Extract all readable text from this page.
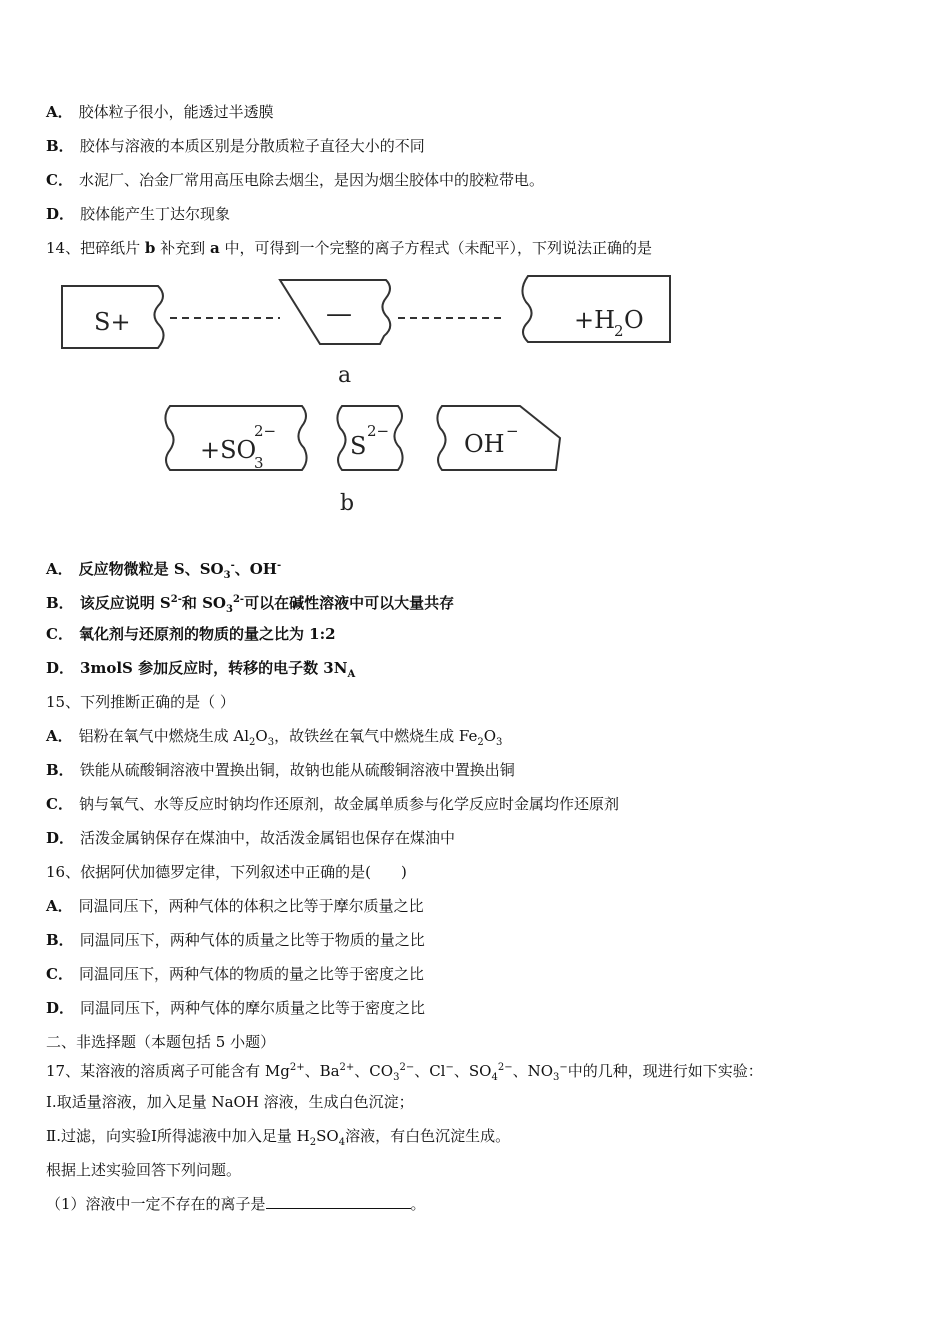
A． 胶体粒子很小，能透过半透膜
B． 胶体与溶液的本质区别是分散质粒子直径大小的不同
C． 水泥厂、冶金厂常用高压电除去烟尘，是因为烟尘胶体中的胶粒带电。
D． 胶体能产生丁达尔现象
14、把碎纸片 b 补充到 a 中，可得到一个完整的离子方程式（未配平），下列说法正确的是
S+	—	+H
2 O
a
+SO
3
2−
S
2−	OH −
b
A． 反应物微粒是 S、$SO_3^-$、OH-
B． 该反应说明 $S^{2-}$和 $SO_3^{2-}$可以在碱性溶液中可以大量共存
C． 氧化剂与还原剂的物质的量之比为 1:2
D． 3molS 参加反应时，转移的电子数 $3N_A$
15、下列推断正确的是（ ）
A． 铝粉在氧气中燃烧生成 $Al_2O_3$，故铁丝在氧气中燃烧生成 $Fe_2O_3$
B． 铁能从硫酸铜溶液中置换出铜，故钠也能从硫酸铜溶液中置换出铜
C． 钠与氧气、水等反应时钠均作还原剂，故金属单质参与化学反应时金属均作还原剂
D． 活泼金属钠保存在煤油中，故活泼金属铝也保存在煤油中
16、依据阿伏加德罗定律，下列叙述中正确的是(　　)
A． 同温同压下，两种气体的体积之比等于摩尔质量之比
B． 同温同压下，两种气体的质量之比等于物质的量之比
C． 同温同压下，两种气体的物质的量之比等于密度之比
D． 同温同压下，两种气体的摩尔质量之比等于密度之比
二、非选择题（本题包括 5 小题）
17、某溶液的溶质离子可能含有 $Mg^{2+}$、$Ba^{2+}$、$CO_3^{2-}$、Cl−、$SO_4^{2-}$、$NO_3^-$中的几种，现进行如下实验：
Ⅰ.取适量溶液，加入足量 NaOH 溶液，生成白色沉淀；
Ⅱ.过滤，向实验Ⅰ所得滤液中加入足量 $H_2SO_4$溶液，有白色沉淀生成。
根据上述实验回答下列问题。
（1）溶液中一定不存在的离子是	。
